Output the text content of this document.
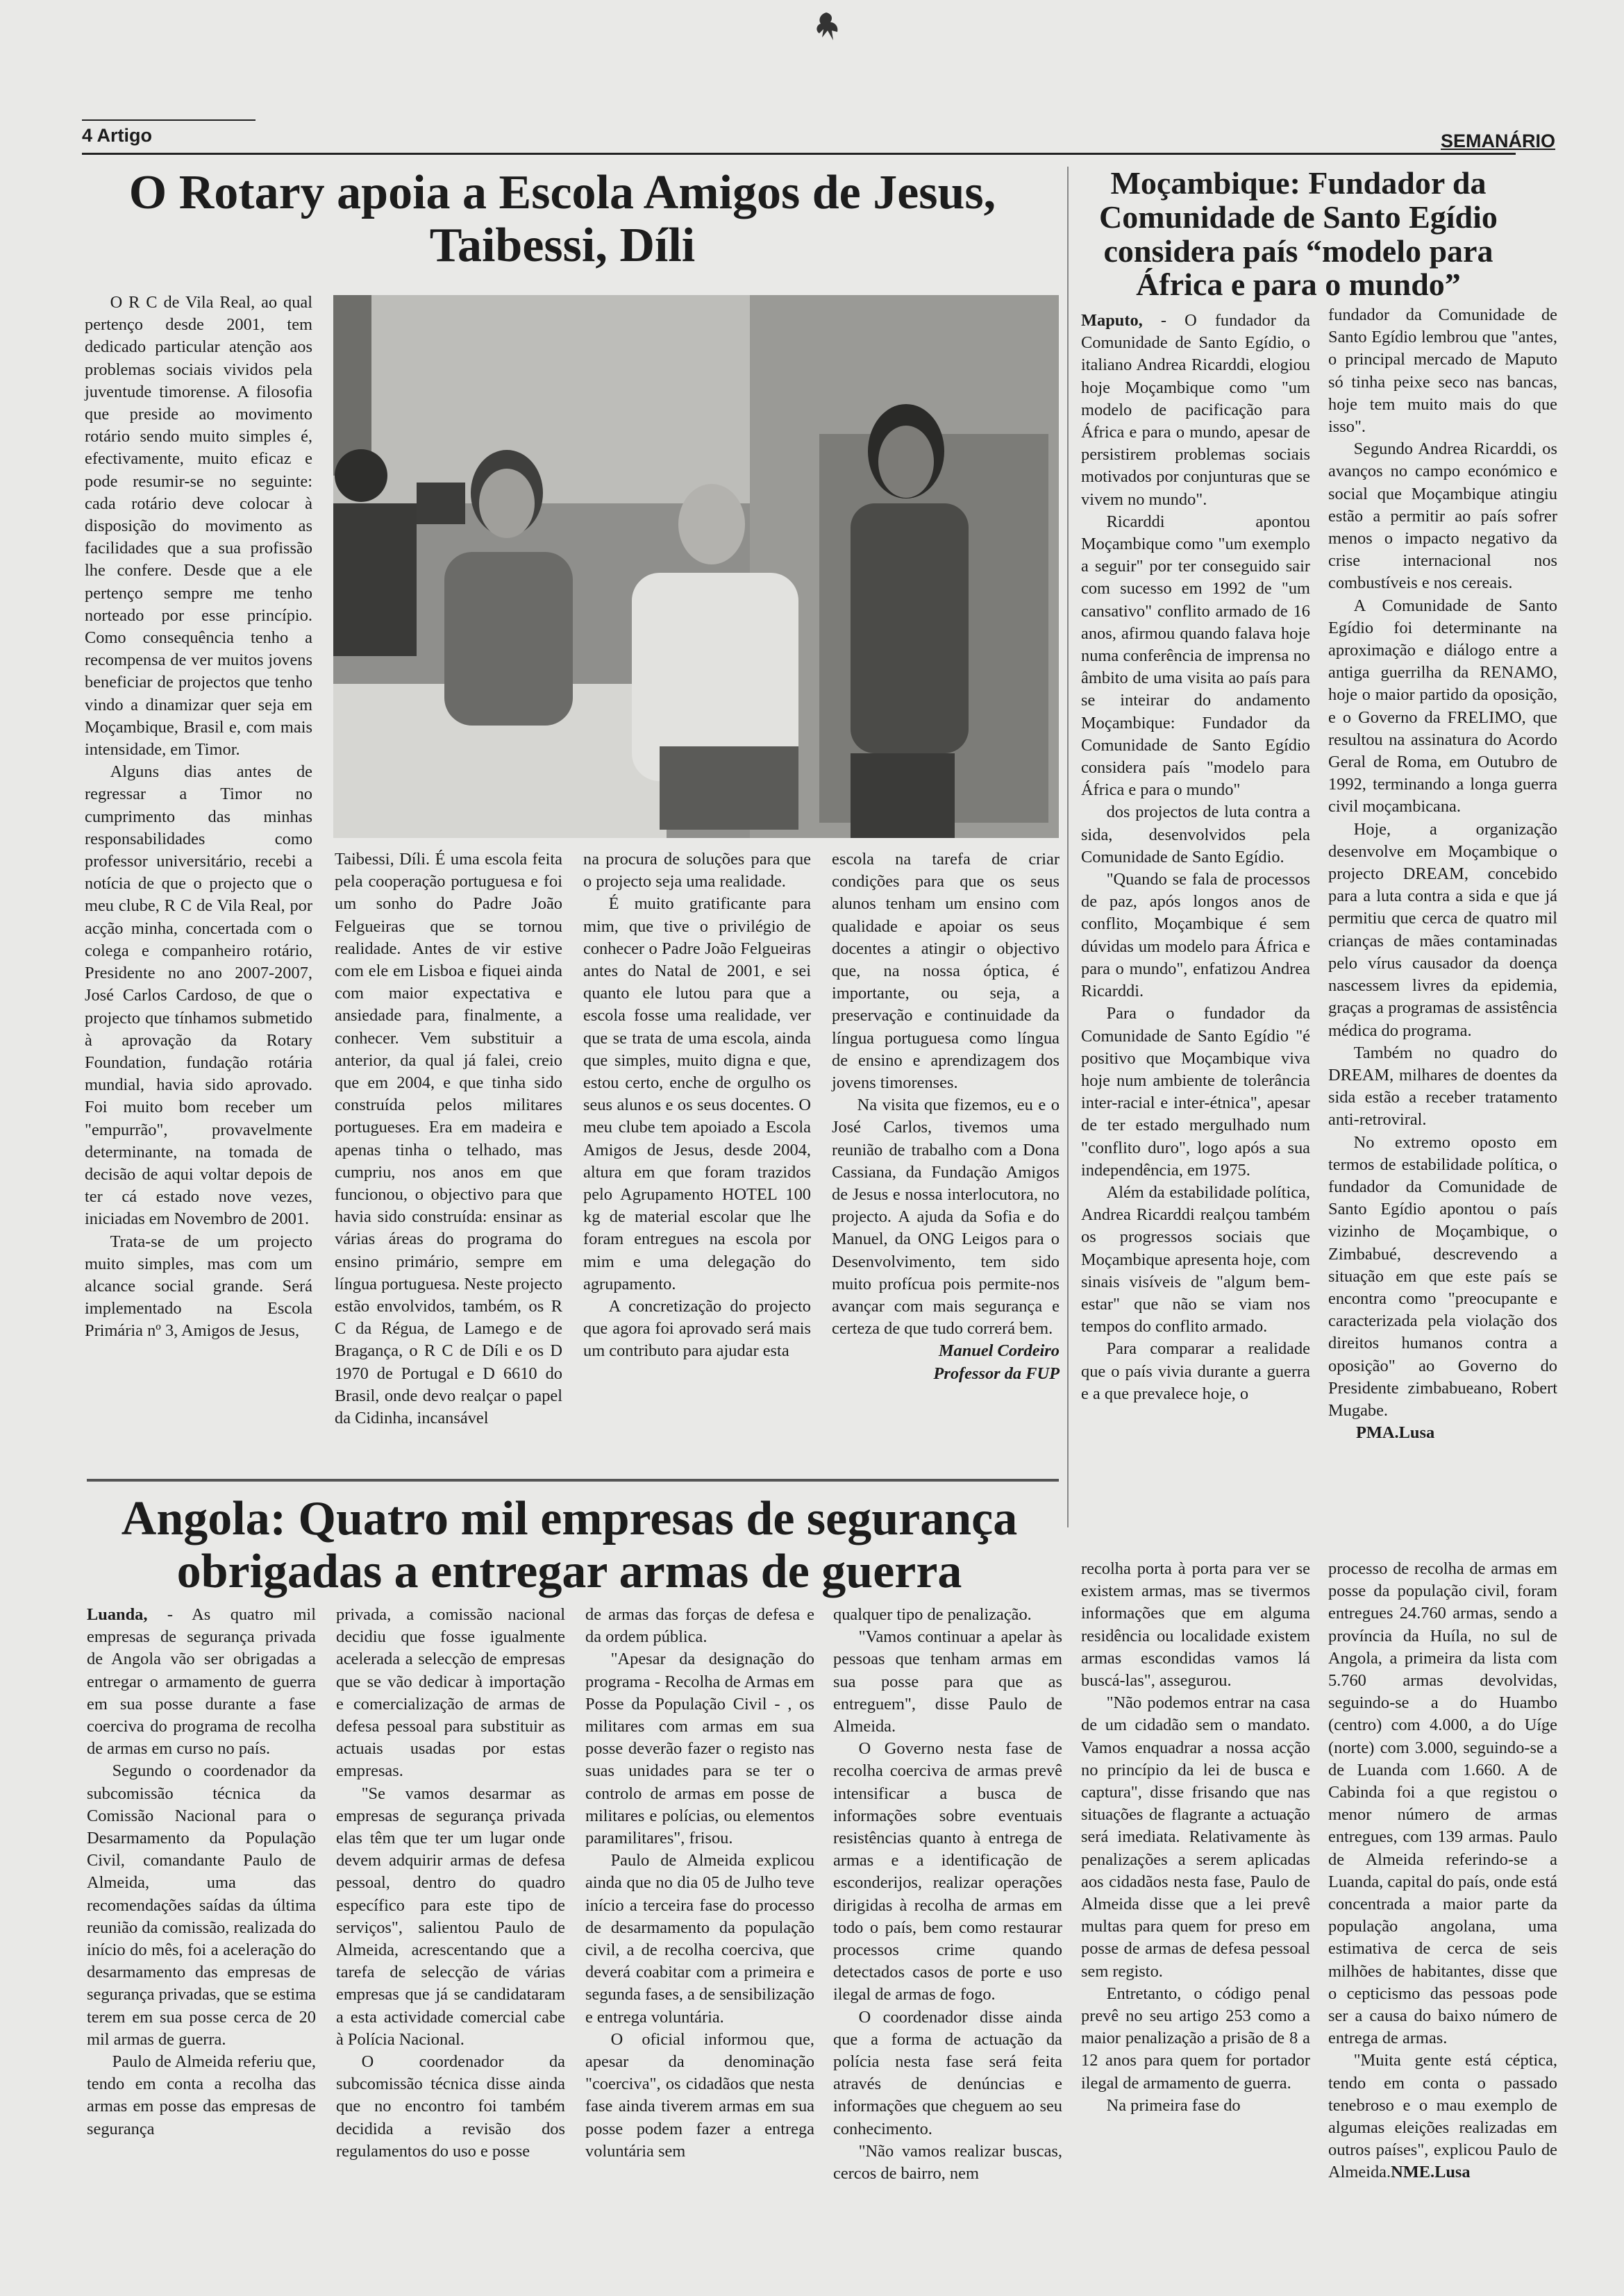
4 Artigo	SEMANÁRIO
O Rotary apoia a Escola Amigos de Jesus, Taibessi, Díli

O R C de Vila Real, ao qual pertenço desde 2001, tem dedicado particular atenção aos problemas sociais vividos pela juventude timorense. A filosofia que preside ao movimento rotário sendo muito simples é, efectivamente, muito eficaz e pode resumir-se no seguinte: cada rotário deve colocar à disposição do movimento as facilidades que a sua profissão lhe confere. Desde que a ele pertenço sempre me tenho norteado por esse princípio. Como consequência tenho a recompensa de ver muitos jovens beneficiar de projectos que tenho vindo a dinamizar quer seja em Moçambique, Brasil e, com mais intensidade, em Timor.

Alguns dias antes de regressar a Timor no cumprimento das minhas responsabilidades como professor universitário, recebi a notícia de que o projecto que o meu clube, R C de Vila Real, por acção minha, concertada com o colega e companheiro rotário, Presidente no ano 2007-2007, José Carlos Cardoso, de que o projecto que tínhamos submetido à aprovação da Rotary Foundation, fundação rotária mundial, havia sido aprovado. Foi muito bom receber um "empurrão", provavelmente determinante, na tomada de decisão de aqui voltar depois de ter cá estado nove vezes, iniciadas em Novembro de 2001.

Trata-se de um projecto muito simples, mas com um alcance social grande. Será implementado na Escola Primária nº 3, Amigos de Jesus,

Taibessi, Díli. É uma escola feita pela cooperação portuguesa e foi um sonho do Padre João Felgueiras que se tornou realidade. Antes de vir estive com ele em Lisboa e fiquei ainda com maior expectativa e ansiedade para, finalmente, a conhecer. Vem substituir a anterior, da qual já falei, creio que em 2004, e que tinha sido construída pelos militares portugueses. Era em madeira e apenas tinha o telhado, mas cumpriu, nos anos em que funcionou, o objectivo para que havia sido construída: ensinar as várias áreas do programa do ensino primário, sempre em língua portuguesa. Neste projecto estão envolvidos, também, os R C da Régua, de Lamego e de Bragança, o R C de Díli e os D 1970 de Portugal e D 6610 do Brasil, onde devo realçar o papel da Cidinha, incansável

na procura de soluções para que o projecto seja uma realidade.

É muito gratificante para mim, que tive o privilégio de conhecer o Padre João Felgueiras antes do Natal de 2001, e sei quanto ele lutou para que a escola fosse uma realidade, ver que se trata de uma escola, ainda que simples, muito digna e que, estou certo, enche de orgulho os seus alunos e os seus docentes. O meu clube tem apoiado a Escola Amigos de Jesus, desde 2004, altura em que foram trazidos pelo Agrupamento HOTEL 100 kg de material escolar que lhe foram entregues na escola por mim e uma delegação do agrupamento.

A concretização do projecto que agora foi aprovado será mais um contributo para ajudar esta

escola na tarefa de criar condições para que os seus alunos tenham um ensino com qualidade e apoiar os seus docentes a atingir o objectivo que, na nossa óptica, é importante, ou seja, a preservação e continuidade da língua portuguesa como língua de ensino e aprendizagem dos jovens timorenses.

Na visita que fizemos, eu e o José Carlos, tivemos uma reunião de trabalho com a Dona Cassiana, da Fundação Amigos de Jesus e nossa interlocutora, no projecto. A ajuda da Sofia e do Manuel, da ONG Leigos para o Desenvolvimento, tem sido muito profícua pois permite-nos avançar com mais segurança e certeza de que tudo correrá bem.

Manuel Cordeiro

Professor da FUP

Moçambique: Fundador da Comunidade de Santo Egídio considera país “modelo para África e para o mundo”

Maputo, - O fundador da Comunidade de Santo Egídio, o italiano Andrea Ricarddi, elogiou hoje Moçambique como "um modelo de pacificação para África e para o mundo, apesar de persistirem problemas sociais motivados por conjunturas que se vivem no mundo".

Ricarddi apontou Moçambique como "um exemplo a seguir" por ter conseguido sair com sucesso em 1992 de "um cansativo" conflito armado de 16 anos, afirmou quando falava hoje numa conferência de imprensa no âmbito de uma visita ao país para se inteirar do andamento Moçambique: Fundador da Comunidade de Santo Egídio considera país "modelo para África e para o mundo"

dos projectos de luta contra a sida, desenvolvidos pela Comunidade de Santo Egídio.

"Quando se fala de processos de paz, após longos anos de conflito, Moçambique é sem dúvidas um modelo para África e para o mundo", enfatizou Andrea Ricarddi.

Para o fundador da Comunidade de Santo Egídio "é positivo que Moçambique viva hoje num ambiente de tolerância inter-racial e inter-étnica", apesar de ter estado mergulhado num "conflito duro", logo após a sua independência, em 1975.

Além da estabilidade política, Andrea Ricarddi realçou também os progressos sociais que Moçambique apresenta hoje, com sinais visíveis de "algum bem-estar" que não se viam nos tempos do conflito armado.

Para comparar a realidade que o país vivia durante a guerra e a que prevalece hoje, o

fundador da Comunidade de Santo Egídio lembrou que "antes, o principal mercado de Maputo só tinha peixe seco nas bancas, hoje tem muito mais do que isso".

Segundo Andrea Ricarddi, os avanços no campo económico e social que Moçambique atingiu estão a permitir ao país sofrer menos o impacto negativo da crise internacional nos combustíveis e nos cereais.

A Comunidade de Santo Egídio foi determinante na aproximação e diálogo entre a antiga guerrilha da RENAMO, hoje o maior partido da oposição, e o Governo da FRELIMO, que resultou na assinatura do Acordo Geral de Roma, em Outubro de 1992, terminando a longa guerra civil moçambicana.

Hoje, a organização desenvolve em Moçambique o projecto DREAM, concebido para a luta contra a sida e que já permitiu que cerca de quatro mil crianças de mães contaminadas pelo vírus causador da doença nascessem livres da epidemia, graças a programas de assistência médica do programa.

Também no quadro do DREAM, milhares de doentes da sida estão a receber tratamento anti-retroviral.

No extremo oposto em termos de estabilidade política, o fundador da Comunidade de Santo Egídio apontou o país vizinho de Moçambique, o Zimbabué, descrevendo a situação em que este país se encontra como "preocupante e caracterizada pela violação dos direitos humanos contra a oposição" ao Governo do Presidente zimbabueano, Robert Mugabe.

PMA.Lusa

Angola: Quatro mil empresas de segurança obrigadas a entregar armas de guerra

Luanda, - As quatro mil empresas de segurança privada de Angola vão ser obrigadas a entregar o armamento de guerra em sua posse durante a fase coerciva do programa de recolha de armas em curso no país.

Segundo o coordenador da subcomissão técnica da Comissão Nacional para o Desarmamento da População Civil, comandante Paulo de Almeida, uma das recomendações saídas da última reunião da comissão, realizada do início do mês, foi a aceleração do desarmamento das empresas de segurança privadas, que se estima terem em sua posse cerca de 20 mil armas de guerra.

Paulo de Almeida referiu que, tendo em conta a recolha das armas em posse das empresas de segurança

privada, a comissão nacional decidiu que fosse igualmente acelerada a selecção de empresas que se vão dedicar à importação e comercialização de armas de defesa pessoal para substituir as actuais usadas por estas empresas.

"Se vamos desarmar as empresas de segurança privada elas têm que ter um lugar onde devem adquirir armas de defesa pessoal, dentro do quadro específico para este tipo de serviços", salientou Paulo de Almeida, acrescentando que a tarefa de selecção de várias empresas que já se candidataram a esta actividade comercial cabe à Polícia Nacional.

O coordenador da subcomissão técnica disse ainda que no encontro foi também decidida a revisão dos regulamentos do uso e posse

de armas das forças de defesa e da ordem pública.

"Apesar da designação do programa - Recolha de Armas em Posse da População Civil - , os militares com armas em sua posse deverão fazer o registo nas suas unidades para se ter o controlo de armas em posse de militares e polícias, ou elementos paramilitares", frisou.

Paulo de Almeida explicou ainda que no dia 05 de Julho teve início a terceira fase do processo de desarmamento da população civil, a de recolha coerciva, que deverá coabitar com a primeira e segunda fases, a de sensibilização e entrega voluntária.

O oficial informou que, apesar da denominação "coerciva", os cidadãos que nesta fase ainda tiverem armas em sua posse podem fazer a entrega voluntária sem

qualquer tipo de penalização.

"Vamos continuar a apelar às pessoas que tenham armas em sua posse para que as entreguem", disse Paulo de Almeida.

O Governo nesta fase de recolha coerciva de armas prevê intensificar a busca de informações sobre eventuais resistências quanto à entrega de armas e a identificação de esconderijos, realizar operações dirigidas à recolha de armas em todo o país, bem como restaurar processos crime quando detectados casos de porte e uso ilegal de armas de fogo.

O coordenador disse ainda que a forma de actuação da polícia nesta fase será feita através de denúncias e informações que cheguem ao seu conhecimento.

"Não vamos realizar buscas, cercos de bairro, nem

recolha porta à porta para ver se existem armas, mas se tivermos informações que em alguma residência ou localidade existem armas escondidas vamos lá buscá-las", assegurou.

"Não podemos entrar na casa de um cidadão sem o mandato. Vamos enquadrar a nossa acção no princípio da lei de busca e captura", disse frisando que nas situações de flagrante a actuação será imediata. Relativamente às penalizações a serem aplicadas aos cidadãos nesta fase, Paulo de Almeida disse que a lei prevê multas para quem for preso em posse de armas de defesa pessoal sem registo.

Entretanto, o código penal prevê no seu artigo 253 como a maior penalização a prisão de 8 a 12 anos para quem for portador ilegal de armamento de guerra.

Na primeira fase do

processo de recolha de armas em posse da população civil, foram entregues 24.760 armas, sendo a província da Huíla, no sul de Angola, a primeira da lista com 5.760 armas devolvidas, seguindo-se a do Huambo (centro) com 4.000, a do Uíge (norte) com 3.000, seguindo-se a de Luanda com 1.660. A de Cabinda foi a que registou o menor número de armas entregues, com 139 armas. Paulo de Almeida referindo-se a Luanda, capital do país, onde está concentrada a maior parte da população angolana, uma estimativa de cerca de seis milhões de habitantes, disse que o cepticismo das pessoas pode ser a causa do baixo número de entrega de armas.

"Muita gente está céptica, tendo em conta o passado tenebroso e o mau exemplo de algumas eleições realizadas em outros países", explicou Paulo de Almeida.NME.Lusa
